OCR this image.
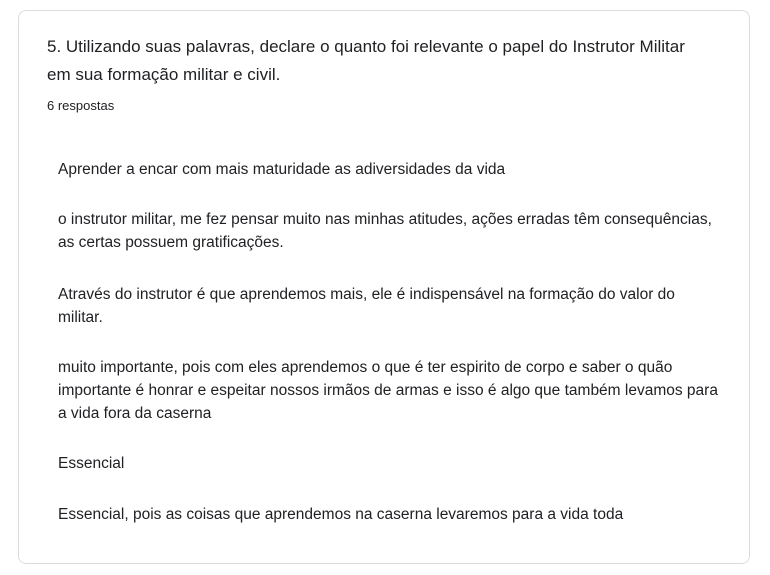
5. Utilizando suas palavras, declare o quanto foi relevante o papel do Instrutor Militar em sua formação militar e civil.
6 respostas
Aprender a encar com mais maturidade as adiversidades da vida
o instrutor militar, me fez pensar muito nas minhas atitudes, ações erradas têm consequências, as certas possuem gratificações.
Através do instrutor é que aprendemos mais, ele é indispensável na formação do valor do militar.
muito importante, pois com eles aprendemos o que é ter espirito de corpo e saber o quão importante é honrar e espeitar nossos irmãos de armas e isso é algo que também levamos para a vida fora da caserna
Essencial
Essencial, pois as coisas que aprendemos na caserna levaremos para a vida toda
